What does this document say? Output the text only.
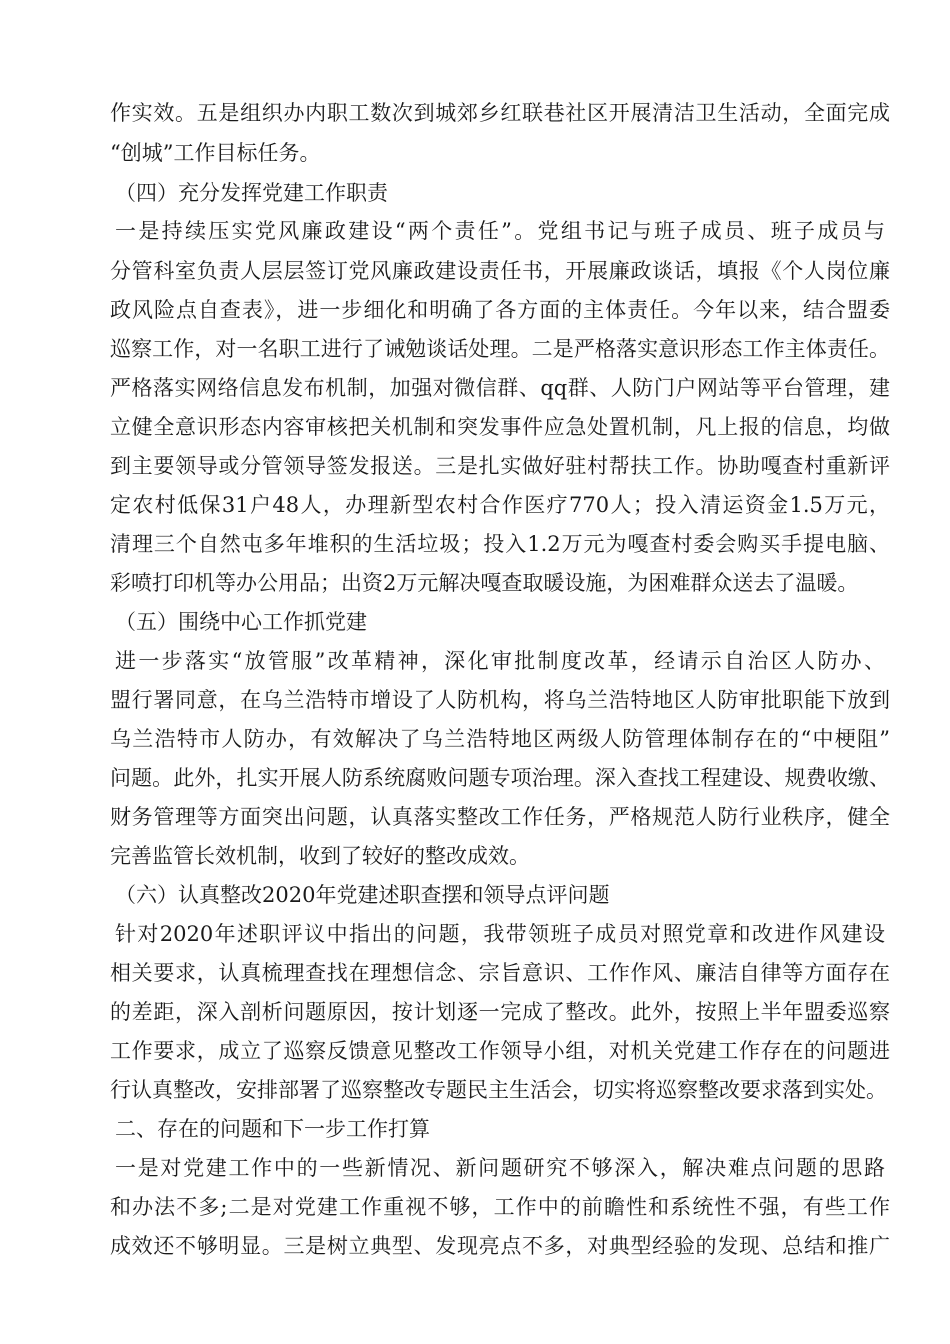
作实效。五是组织办内职工数次到城郊乡红联巷社区开展清洁卫生活动，全面完成
“创城”工作目标任务。
（四）充分发挥党建工作职责
一是持续压实党风廉政建设“两个责任”。党组书记与班子成员、班子成员与
分管科室负责人层层签订党风廉政建设责任书，开展廉政谈话，填报《个人岗位廉
政风险点自查表》，进一步细化和明确了各方面的主体责任。今年以来，结合盟委
巡察工作，对一名职工进行了诫勉谈话处理。二是严格落实意识形态工作主体责任。
严格落实网络信息发布机制，加强对微信群、qq群、人防门户网站等平台管理，建
立健全意识形态内容审核把关机制和突发事件应急处置机制，凡上报的信息，均做
到主要领导或分管领导签发报送。三是扎实做好驻村帮扶工作。协助嘎查村重新评
定农村低保31户48人，办理新型农村合作医疗770人；投入清运资金1.5万元，
清理三个自然屯多年堆积的生活垃圾；投入1.2万元为嘎查村委会购买手提电脑、
彩喷打印机等办公用品；出资2万元解决嘎查取暖设施，为困难群众送去了温暖。
（五）围绕中心工作抓党建
进一步落实“放管服”改革精神，深化审批制度改革，经请示自治区人防办、
盟行署同意，在乌兰浩特市增设了人防机构，将乌兰浩特地区人防审批职能下放到
乌兰浩特市人防办，有效解决了乌兰浩特地区两级人防管理体制存在的“中梗阻”
问题。此外，扎实开展人防系统腐败问题专项治理。深入查找工程建设、规费收缴、
财务管理等方面突出问题，认真落实整改工作任务，严格规范人防行业秩序，健全
完善监管长效机制，收到了较好的整改成效。
（六）认真整改2020年党建述职查摆和领导点评问题
针对2020年述职评议中指出的问题，我带领班子成员对照党章和改进作风建设
相关要求，认真梳理查找在理想信念、宗旨意识、工作作风、廉洁自律等方面存在
的差距，深入剖析问题原因，按计划逐一完成了整改。此外，按照上半年盟委巡察
工作要求，成立了巡察反馈意见整改工作领导小组，对机关党建工作存在的问题进
行认真整改，安排部署了巡察整改专题民主生活会，切实将巡察整改要求落到实处。
二、存在的问题和下一步工作打算
一是对党建工作中的一些新情况、新问题研究不够深入，解决难点问题的思路
和办法不多;二是对党建工作重视不够，工作中的前瞻性和系统性不强，有些工作
成效还不够明显。三是树立典型、发现亮点不多，对典型经验的发现、总结和推广
